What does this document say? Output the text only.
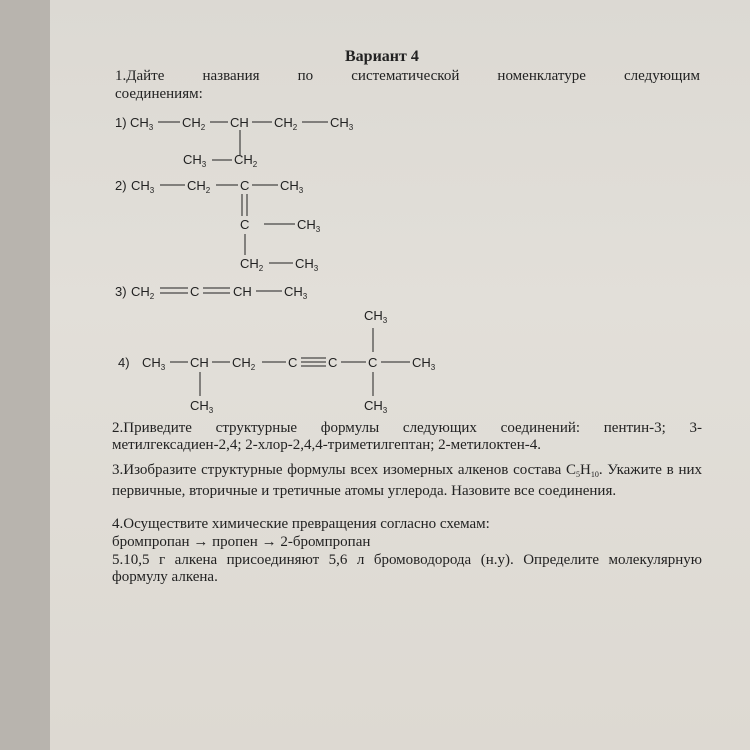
Вариант 4
1.Дайте названия по систематической номенклатуре следующим
соединениям:
1) $CH_3$ $CH_2$ CH $CH_2$	$CH_3$
$CH_3$ $CH_2$
2) $CH_3$	$CH_2$ C $CH_3$
C	$CH_3$
$CH_2$ $CH_3$
3) $CH_2$	C	CH $CH_3$
4) $CH_3$ CH $CH_2$	C C C	$CH_3$
$CH_3$
$CH_3$
$CH_3$
2.Приведите структурные формулы следующих соединений: пентин-3; 3-метилгексадиен-2,4; 2-хлор-2,4,4-триметилгептан; 2-метилоктен-4.
3.Изобразите структурные формулы всех изомерных алкенов состава $C_5H_{10}$. Укажите в них первичные, вторичные и третичные атомы углерода. Назовите все соединения.
4.Осуществите химические превращения согласно схемам:
бромпропан → пропен → 2-бромпропан
5.10,5 г алкена присоединяют 5,6 л бромоводорода (н.у). Определите молекулярную формулу алкена.
